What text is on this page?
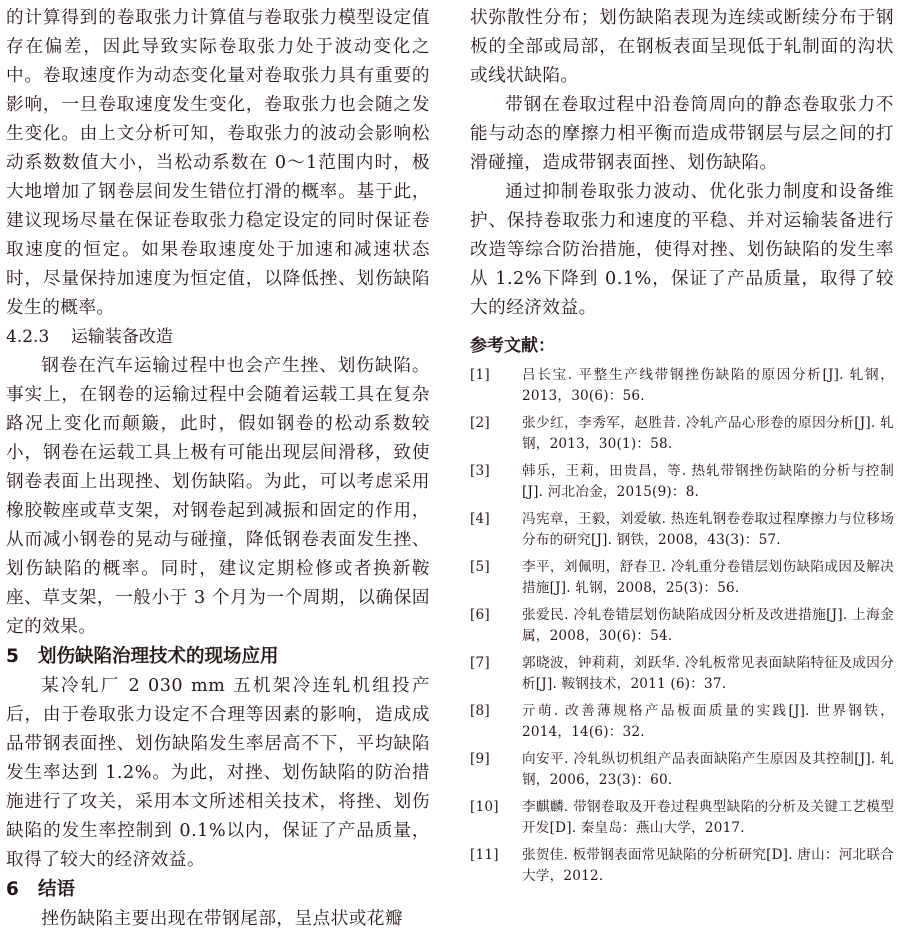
的计算得到的卷取张力计算值与卷取张力模型设定值存在偏差，因此导致实际卷取张力处于波动变化之中。卷取速度作为动态变化量对卷取张力具有重要的影响，一旦卷取速度发生变化，卷取张力也会随之发生变化。由上文分析可知，卷取张力的波动会影响松动系数数值大小，当松动系数在 0～1范围内时，极大地增加了钢卷层间发生错位打滑的概率。基于此，建议现场尽量在保证卷取张力稳定设定的同时保证卷取速度的恒定。如果卷取速度处于加速和减速状态时，尽量保持加速度为恒定值，以降低挫、划伤缺陷发生的概率。

4.2.3 运输装备改造

钢卷在汽车运输过程中也会产生挫、划伤缺陷。事实上，在钢卷的运输过程中会随着运载工具在复杂路况上变化而颠簸，此时，假如钢卷的松动系数较小，钢卷在运载工具上极有可能出现层间滑移，致使钢卷表面上出现挫、划伤缺陷。为此，可以考虑采用橡胶鞍座或草支架，对钢卷起到减振和固定的作用，从而减小钢卷的晃动与碰撞，降低钢卷表面发生挫、划伤缺陷的概率。同时，建议定期检修或者换新鞍座、草支架，一般小于 3 个月为一个周期，以确保固定的效果。

5 划伤缺陷治理技术的现场应用

某冷轧厂 2 030 mm 五机架冷连轧机组投产后，由于卷取张力设定不合理等因素的影响，造成成品带钢表面挫、划伤缺陷发生率居高不下，平均缺陷发生率达到 1.2%。为此，对挫、划伤缺陷的防治措施进行了攻关，采用本文所述相关技术，将挫、划伤缺陷的发生率控制到 0.1%以内，保证了产品质量，取得了较大的经济效益。

6 结语

挫伤缺陷主要出现在带钢尾部，呈点状或花瓣

状弥散性分布；划伤缺陷表现为连续或断续分布于钢板的全部或局部，在钢板表面呈现低于轧制面的沟状或线状缺陷。

带钢在卷取过程中沿卷筒周向的静态卷取张力不能与动态的摩擦力相平衡而造成带钢层与层之间的打滑碰撞，造成带钢表面挫、划伤缺陷。

通过抑制卷取张力波动、优化张力制度和设备维护、保持卷取张力和速度的平稳、并对运输装备进行改造等综合防治措施，使得对挫、划伤缺陷的发生率从 1.2%下降到 0.1%，保证了产品质量，取得了较大的经济效益。

参考文献：

[1]	吕长宝. 平整生产线带钢挫伤缺陷的原因分析[J]. 轧钢，2013，30(6)：56.
[2]	张少红，李秀军，赵胜昔. 冷轧产品心形卷的原因分析[J]. 轧钢，2013，30(1)：58.
[3]	韩乐，王莉，田贵昌，等. 热轧带钢挫伤缺陷的分析与控制[J]. 河北冶金，2015(9)：8.
[4]	冯宪章，王毅，刘爱敏. 热连轧钢卷卷取过程摩擦力与位移场分布的研究[J]. 钢铁，2008，43(3)：57.
[5]	李平，刘佩明，舒春卫. 冷轧重分卷错层划伤缺陷成因及解决措施[J]. 轧钢，2008，25(3)：56.
[6]	张爱民. 冷轧卷错层划伤缺陷成因分析及改进措施[J]. 上海金属，2008，30(6)：54.
[7]	郭晓波，钟莉莉，刘跃华. 冷轧板常见表面缺陷特征及成因分析[J]. 鞍钢技术，2011 (6)：37.
[8]	亓萌. 改善薄规格产品板面质量的实践[J]. 世界钢铁，2014，14(6)：32.
[9]	向安平. 冷轧纵切机组产品表面缺陷产生原因及其控制[J]. 轧钢，2006，23(3)：60.
[10]	李麒麟. 带钢卷取及开卷过程典型缺陷的分析及关键工艺模型开发[D]. 秦皇岛：燕山大学，2017.
[11]	张贺佳. 板带钢表面常见缺陷的分析研究[D]. 唐山：河北联合大学，2012.
